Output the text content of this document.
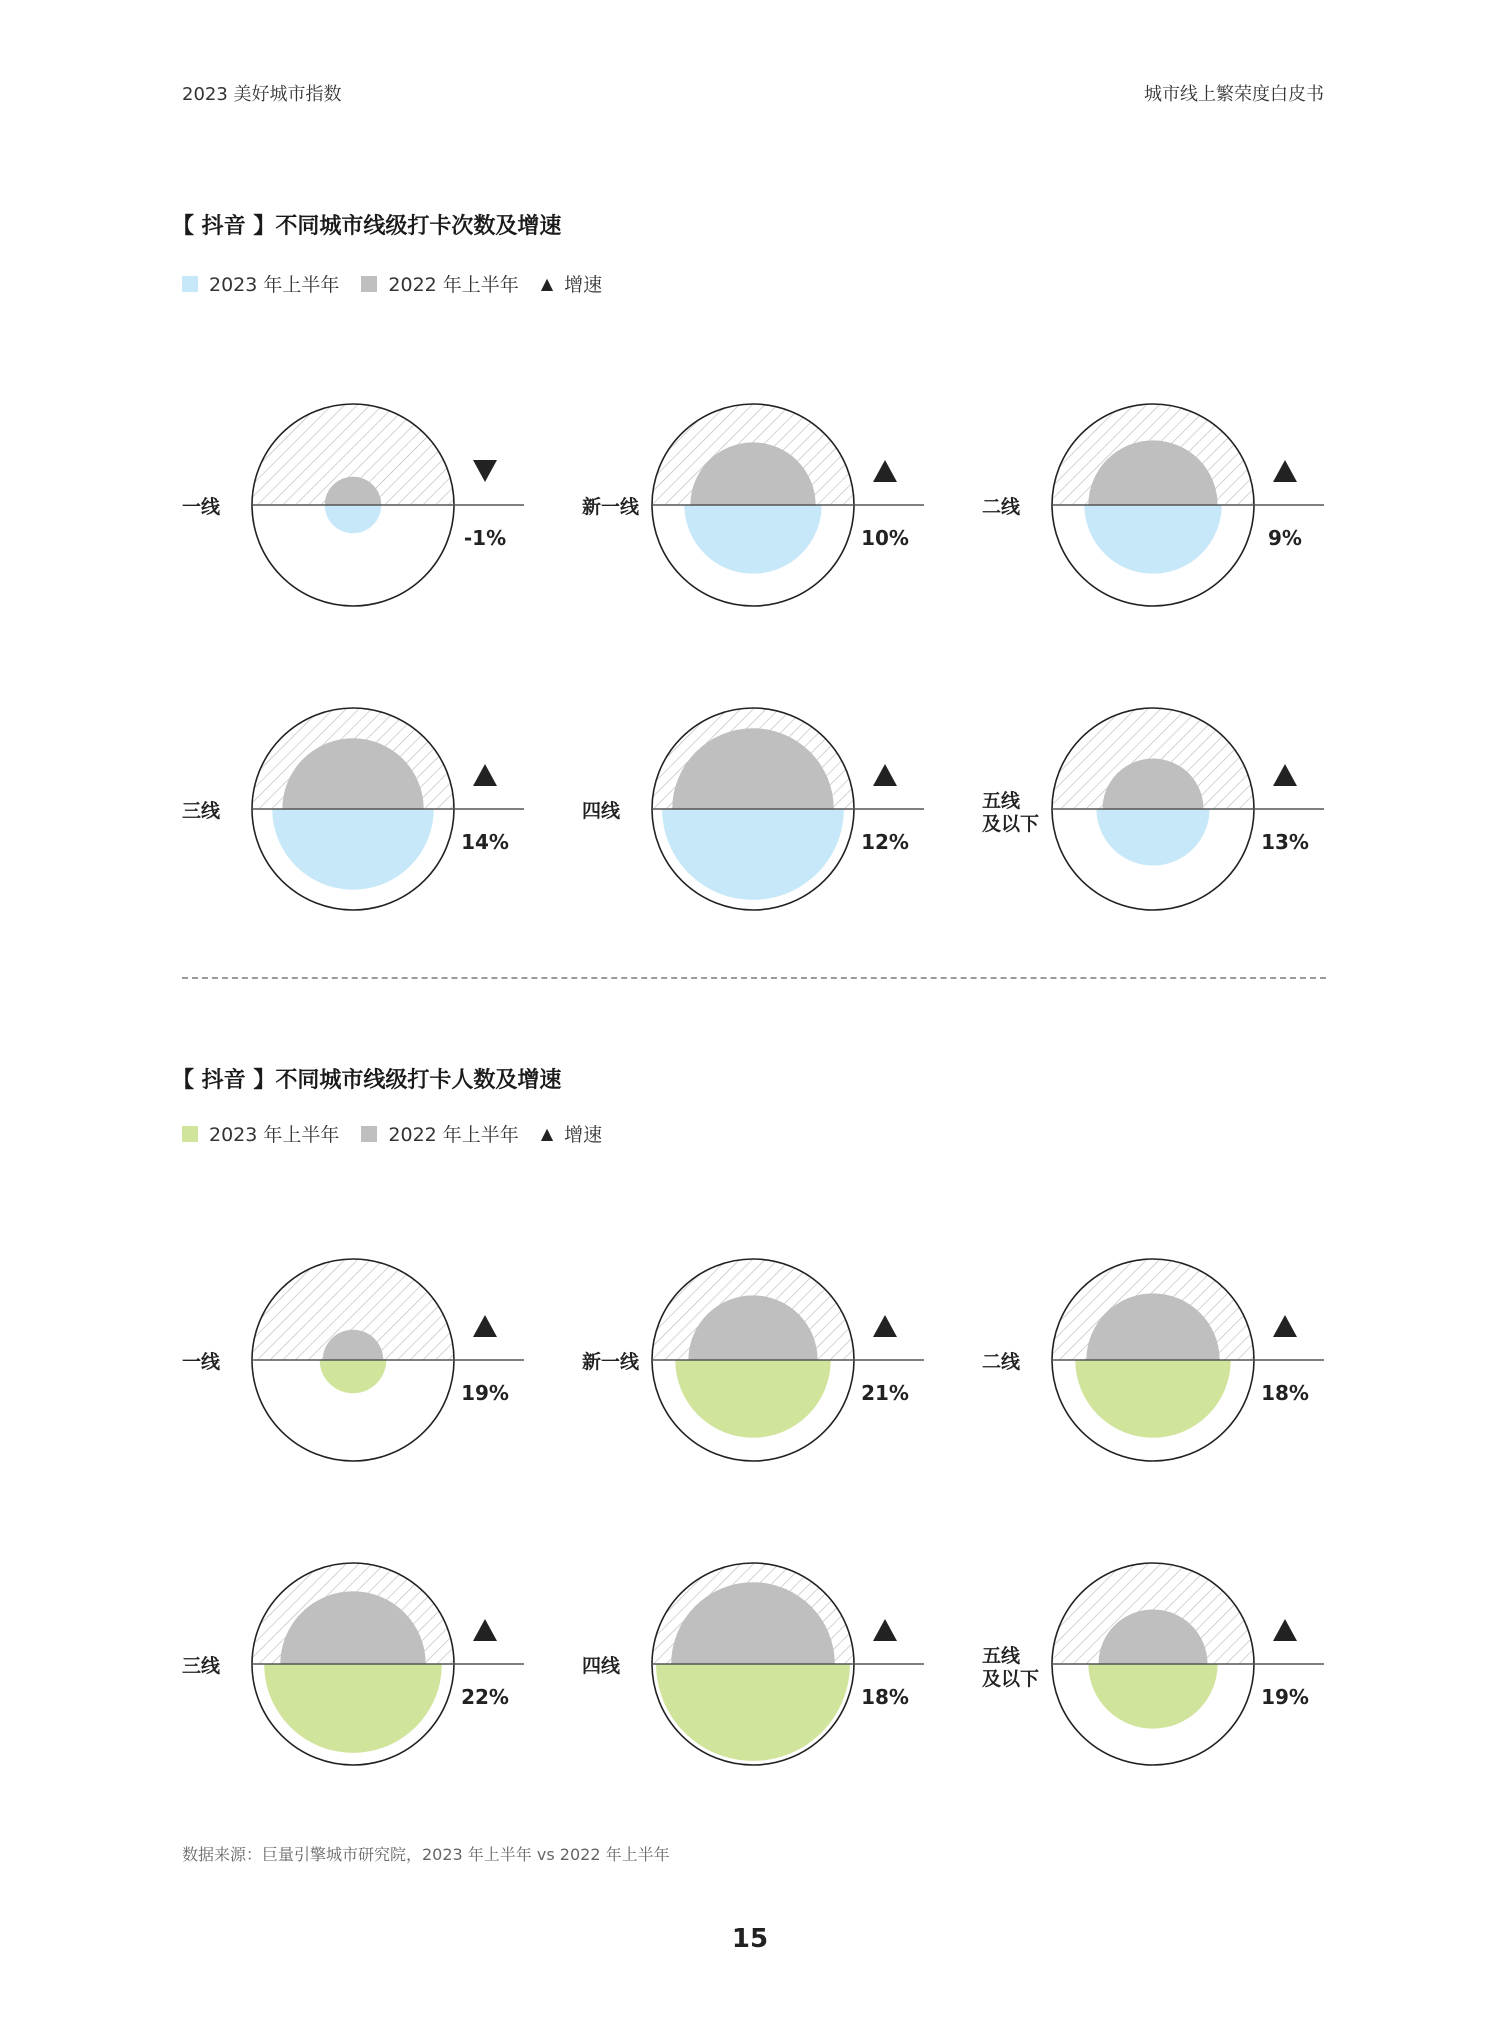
2023 美好城市指数	城市线上繁荣度白皮书
【 抖音 】不同城市线级打卡次数及增速
2023 年上半年	2022 年上半年 ▲ 增速
一线
-1%
新一线
10%
二线
9%
三线
14%
四线
12%
五线
及以下
13%
【 抖音 】不同城市线级打卡人数及增速
2023 年上半年	2022 年上半年 ▲ 增速
一线
19%
新一线
21%
二线
18%
三线
22%
四线
18%
五线
及以下
19%
数据来源：巨量引擎城市研究院，2023 年上半年 vs 2022 年上半年
15
